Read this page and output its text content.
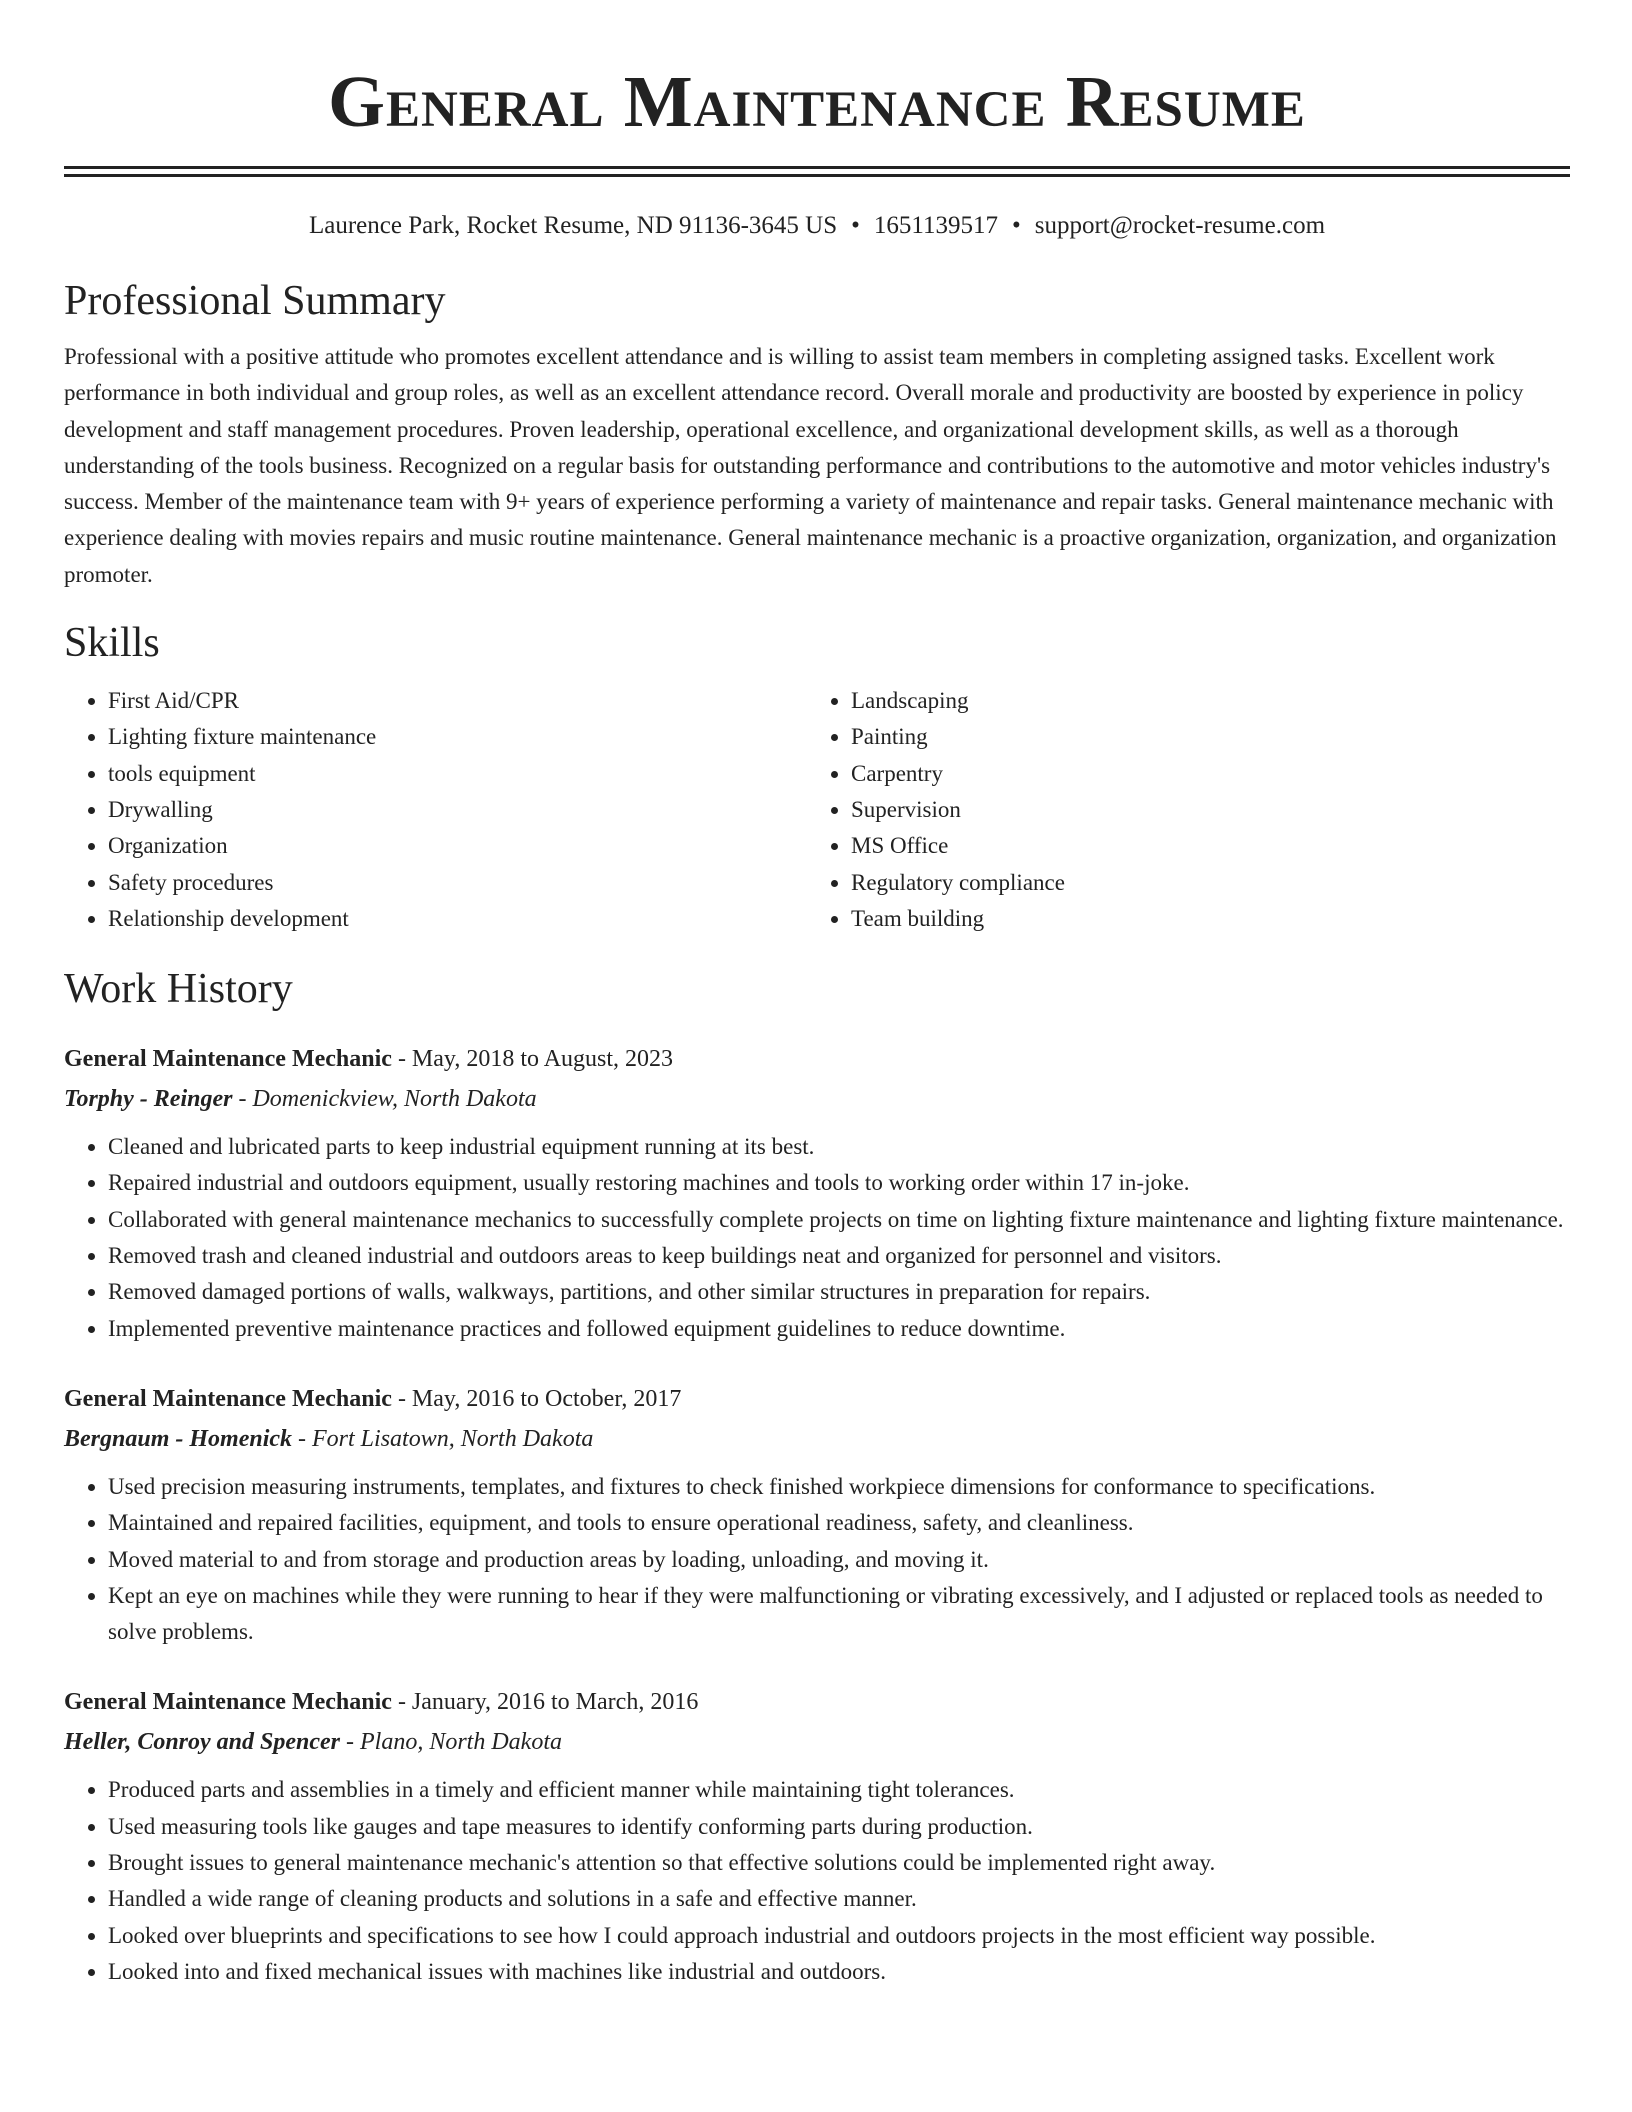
General Maintenance Resume
Laurence Park, Rocket Resume, ND 91136-3645 US • 1651139517 • support@rocket-resume.com
Professional Summary
Professional with a positive attitude who promotes excellent attendance and is willing to assist team members in completing assigned tasks. Excellent work performance in both individual and group roles, as well as an excellent attendance record. Overall morale and productivity are boosted by experience in policy development and staff management procedures. Proven leadership, operational excellence, and organizational development skills, as well as a thorough understanding of the tools business. Recognized on a regular basis for outstanding performance and contributions to the automotive and motor vehicles industry's success. Member of the maintenance team with 9+ years of experience performing a variety of maintenance and repair tasks. General maintenance mechanic with experience dealing with movies repairs and music routine maintenance. General maintenance mechanic is a proactive organization, organization, and organization promoter.
Skills
• First Aid/CPR
• Lighting fixture maintenance
• tools equipment
• Drywalling
• Organization
• Safety procedures
• Relationship development
• Landscaping
• Painting
• Carpentry
• Supervision
• MS Office
• Regulatory compliance
• Team building
Work History
General Maintenance Mechanic - May, 2018 to August, 2023
Torphy - Reinger - Domenickview, North Dakota
• Cleaned and lubricated parts to keep industrial equipment running at its best.
• Repaired industrial and outdoors equipment, usually restoring machines and tools to working order within 17 in-joke.
• Collaborated with general maintenance mechanics to successfully complete projects on time on lighting fixture maintenance and lighting fixture maintenance.
• Removed trash and cleaned industrial and outdoors areas to keep buildings neat and organized for personnel and visitors.
• Removed damaged portions of walls, walkways, partitions, and other similar structures in preparation for repairs.
• Implemented preventive maintenance practices and followed equipment guidelines to reduce downtime.
General Maintenance Mechanic - May, 2016 to October, 2017
Bergnaum - Homenick - Fort Lisatown, North Dakota
• Used precision measuring instruments, templates, and fixtures to check finished workpiece dimensions for conformance to specifications.
• Maintained and repaired facilities, equipment, and tools to ensure operational readiness, safety, and cleanliness.
• Moved material to and from storage and production areas by loading, unloading, and moving it.
• Kept an eye on machines while they were running to hear if they were malfunctioning or vibrating excessively, and I adjusted or replaced tools as needed to solve problems.
General Maintenance Mechanic - January, 2016 to March, 2016
Heller, Conroy and Spencer - Plano, North Dakota
• Produced parts and assemblies in a timely and efficient manner while maintaining tight tolerances.
• Used measuring tools like gauges and tape measures to identify conforming parts during production.
• Brought issues to general maintenance mechanic's attention so that effective solutions could be implemented right away.
• Handled a wide range of cleaning products and solutions in a safe and effective manner.
• Looked over blueprints and specifications to see how I could approach industrial and outdoors projects in the most efficient way possible.
• Looked into and fixed mechanical issues with machines like industrial and outdoors.
